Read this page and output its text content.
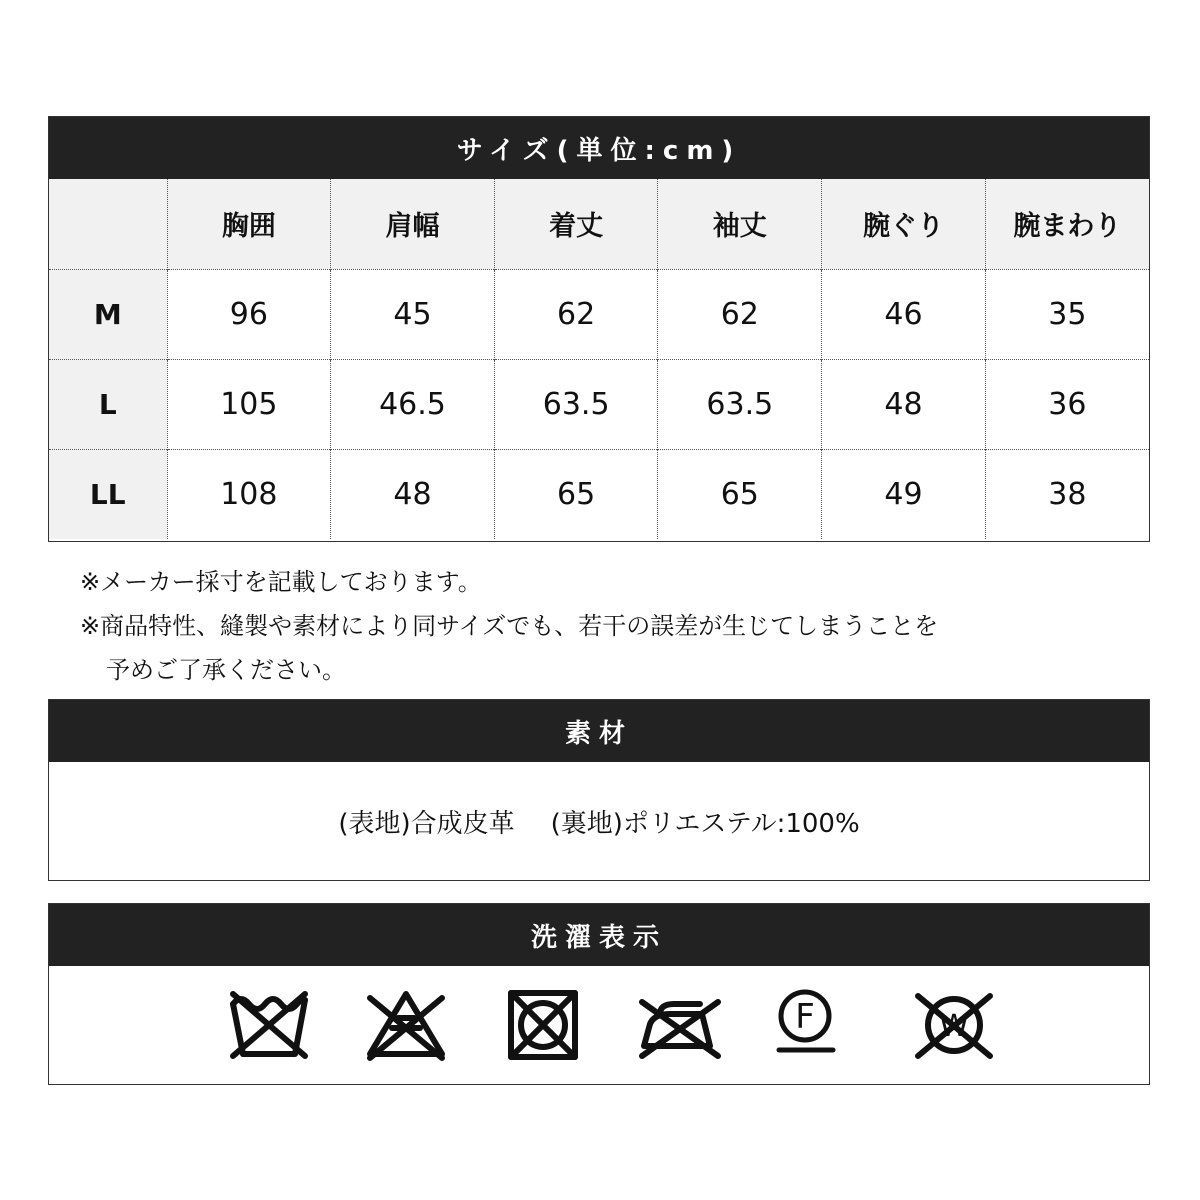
サイズ(単位:cm)
	胸囲	肩幅	着丈	袖丈	腕ぐり	腕まわり
M	96	45	62	62	46	35
L	105	46.5	63.5	63.5	48	36
LL	108	48	65	65	49	38
※メーカー採寸を記載しております。
※商品特性、縫製や素材により同サイズでも、若干の誤差が生じてしまうことを
予めご了承ください。
素材
(表地)合成皮革 (裏地)ポリエステル:100%
洗濯表示
F	W
